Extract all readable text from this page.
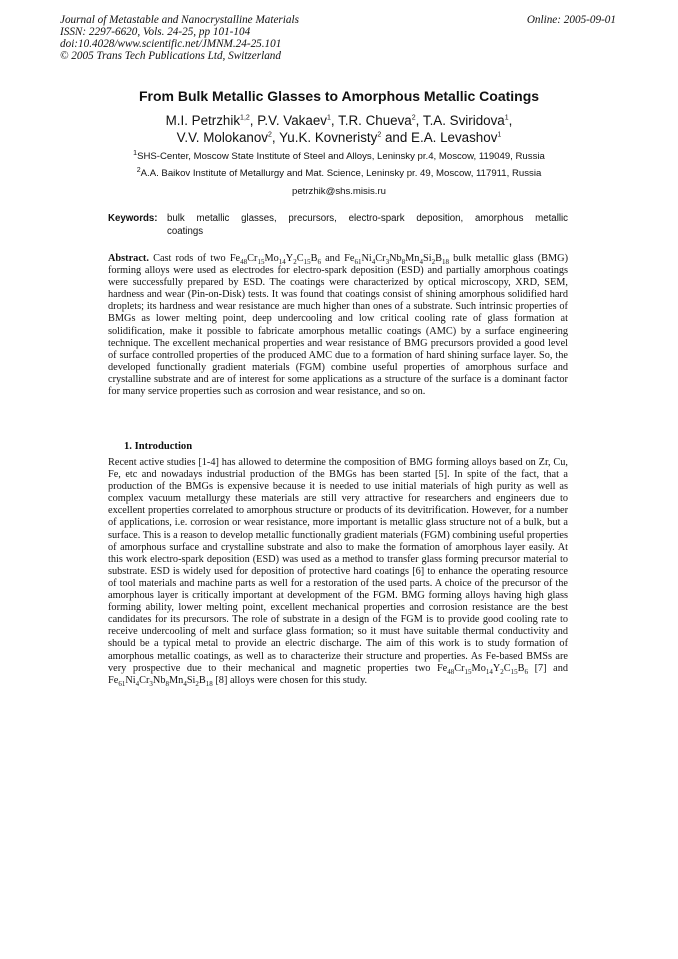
Journal of Metastable and Nanocrystalline Materials
ISSN: 2297-6620, Vols. 24-25, pp 101-104
doi:10.4028/www.scientific.net/JMNM.24-25.101
© 2005 Trans Tech Publications Ltd, Switzerland
Online: 2005-09-01
From Bulk Metallic Glasses to Amorphous Metallic Coatings
M.I. Petrzhik$^{1,2}$, P.V. Vakaev$^1$, T.R. Chueva$^2$, T.A. Sviridova$^1$,
V.V. Molokanov$^2$, Yu.K. Kovneristy$^2$ and E.A. Levashov$^1$
$^1$SHS-Center, Moscow State Institute of Steel and Alloys, Leninsky pr.4, Moscow, 119049, Russia
$^2$A.A. Baikov Institute of Metallurgy and Mat. Science, Leninsky pr. 49, Moscow, 117911, Russia
petrzhik@shs.misis.ru
Keywords: bulk metallic glasses, precursors, electro-spark deposition, amorphous metallic
coatings

Abstract. Cast rods of two $Fe_{48}Cr_{15}Mo_{14}Y_2C_{15}B_6$ and $Fe_{61}Ni_4Cr_3Nb_8Mn_4Si_2B_{18}$ bulk metallic glass (BMG) forming alloys were used as electrodes for electro-spark deposition (ESD) and partially amorphous coatings were successfully prepared by ESD. The coatings were characterized by optical microscopy, XRD, SEM, hardness and wear (Pin-on-Disk) tests. It was found that coatings consist of shining amorphous solidified hard droplets; its hardness and wear resistance are much higher than ones of a substrate. Such intrinsic properties of BMGs as lower melting point, deep undercooling and low critical cooling rate of glass formation at solidification, make it possible to fabricate amorphous metallic coatings (AMC) by a surface engineering technique. The excellent mechanical properties and wear resistance of BMG precursors provided a good level of surface controlled properties of the produced AMC due to a formation of hard shining surface layer. So, the developed functionally gradient materials (FGM) combine useful properties of amorphous surface and crystalline substrate and are of interest for some applications as a structure of the surface is a dominant factor for many service properties such as corrosion and wear resistance, and so on.

1. Introduction

Recent active studies [1-4] has allowed to determine the composition of BMG forming alloys based on Zr, Cu, Fe, etc and nowadays industrial production of the BMGs has been started [5]. In spite of the fact, that a production of the BMGs is expensive because it is needed to use initial materials of high purity as well as complex vacuum metallurgy these materials are still very attractive for researchers and engineers due to excellent properties correlated to amorphous structure or products of its devitrification. However, for a number of applications, i.e. corrosion or wear resistance, more important is metallic glass structure not of a bulk, but a surface. This is a reason to develop metallic functionally gradient materials (FGM) combining useful properties of amorphous surface and crystalline substrate and also to make the formation of amorphous layer easily. At this work electro-spark deposition (ESD) was used as a method to transfer glass forming precursor material to substrate. ESD is widely used for deposition of protective hard coatings [6] to enhance the operating resource of tool materials and machine parts as well for a restoration of the used parts. A choice of the precursor of the amorphous layer is critically important at development of the FGM. BMG forming alloys having high glass forming ability, lower melting point, excellent mechanical properties and corrosion resistance are the best candidates for its precursors. The role of substrate in a design of the FGM is to provide good cooling rate to receive undercooling of melt and surface glass formation; so it must have suitable thermal conductivity and should be a typical metal to provide an electric discharge. The aim of this work is to study formation of amorphous metallic coatings, as well as to characterize their structure and properties. As Fe-based BMSs are very prospective due to their mechanical and magnetic properties two $Fe_{48}Cr_{15}Mo_{14}Y_2C_{15}B_6$ [7] and $Fe_{61}Ni_4Cr_3Nb_8Mn_4Si_2B_{18}$ [8] alloys were chosen for this study.
